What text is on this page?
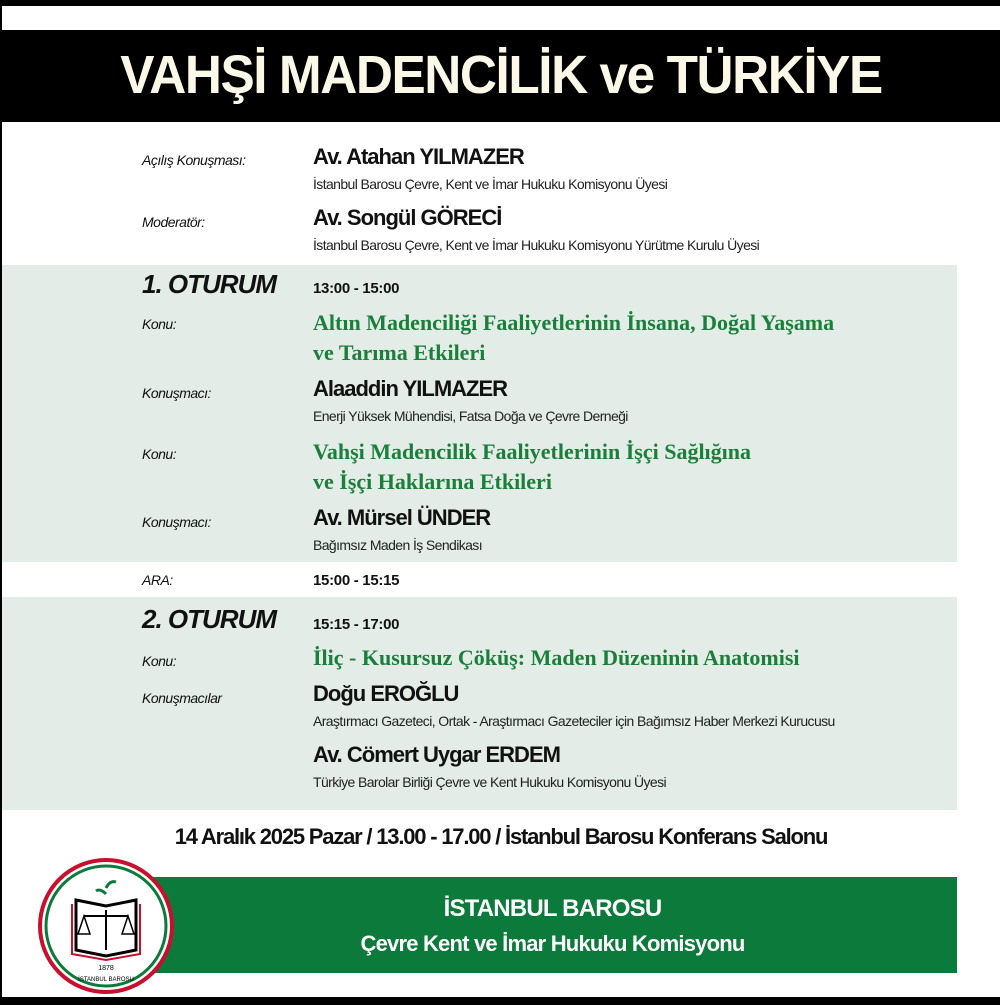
VAHŞİ MADENCİLİK ve TÜRKİYE
Açılış Konuşması:	Av. Atahan YILMAZER
İstanbul Barosu Çevre, Kent ve İmar Hukuku Komisyonu Üyesi
Moderatör:	Av. Songül GÖRECİ
İstanbul Barosu Çevre, Kent ve İmar Hukuku Komisyonu Yürütme Kurulu Üyesi
1. OTURUM 13:00 - 15:00
Konu:	Altın Madenciliği Faaliyetlerinin İnsana, Doğal Yaşama
ve Tarıma Etkileri
Konuşmacı:	Alaaddin YILMAZER
Enerji Yüksek Mühendisi, Fatsa Doğa ve Çevre Derneği
Konu:	Vahşi Madencilik Faaliyetlerinin İşçi Sağlığına
ve İşçi Haklarına Etkileri
Konuşmacı:	Av. Mürsel ÜNDER
Bağımsız Maden İş Sendikası
ARA:	15:00 - 15:15
2. OTURUM 15:15 - 17:00
Konu:	İliç - Kusursuz Çöküş: Maden Düzeninin Anatomisi
Konuşmacılar	Doğu EROĞLU
Araştırmacı Gazeteci, Ortak - Araştırmacı Gazeteciler için Bağımsız Haber Merkezi Kurucusu
Av. Cömert Uygar ERDEM
Türkiye Barolar Birliği Çevre ve Kent Hukuku Komisyonu Üyesi
14 Aralık 2025 Pazar / 13.00 - 17.00 / İstanbul Barosu Konferans Salonu
İSTANBUL BAROSU
Çevre Kent ve İmar Hukuku Komisyonu
1878
İSTANBUL BAROSU
